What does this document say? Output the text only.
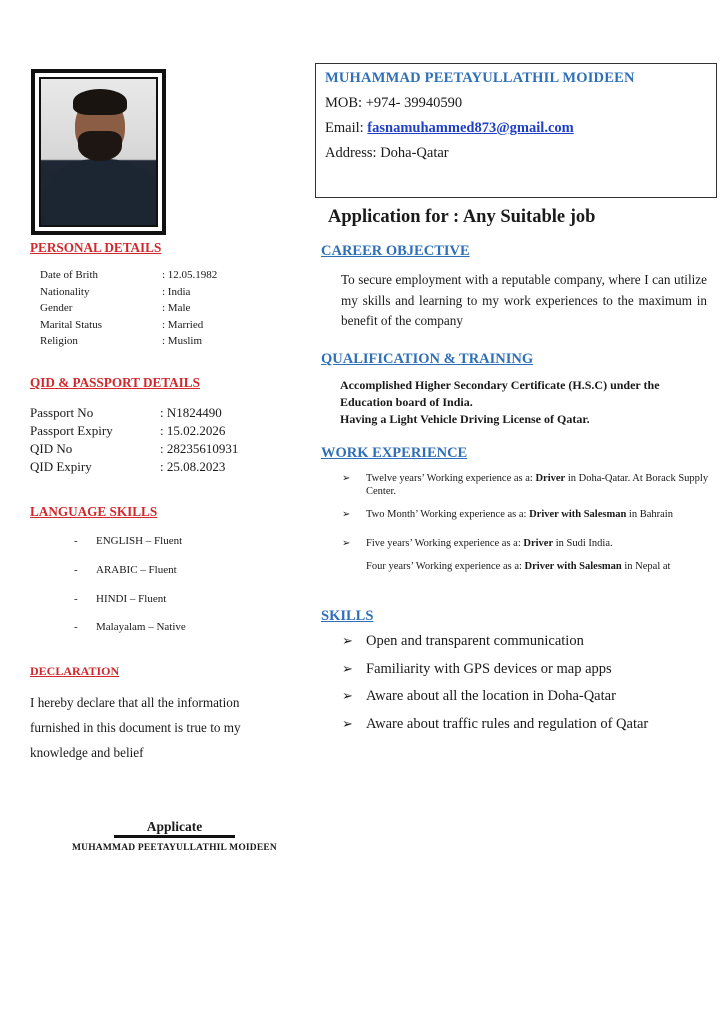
MUHAMMAD PEETAYULLATHIL MOIDEEN
MOB: +974- 39940590
Email: fasnamuhammed873@gmail.com
Address: Doha-Qatar
PERSONAL DETAILS
Date of Brith	: 12.05.1982
Nationality	: India
Gender	: Male
Marital Status	: Married
Religion	: Muslim
QID & PASSPORT DETAILS
Passport No	: N1824490
Passport Expiry	: 15.02.2026
QID No	: 28235610931
QID Expiry	: 25.08.2023
LANGUAGE SKILLS
- ENGLISH – Fluent
- ARABIC – Fluent
- HINDI – Fluent
- Malayalam – Native
DECLARATION
I hereby declare that all the information furnished in this document is true to my knowledge and belief
Applicate
MUHAMMAD PEETAYULLATHIL MOIDEEN
Application for : Any Suitable job
CAREER OBJECTIVE
To secure employment with a reputable company, where I can utilize my skills and learning to my work experiences to the maximum in benefit of the company
QUALIFICATION & TRAINING
Accomplished Higher Secondary Certificate (H.S.C) under the Education board of India.
Having a Light Vehicle Driving License of Qatar.
WORK EXPERIENCE
➢ Twelve years’ Working experience as a: Driver in Doha-Qatar. At Borack Supply Center.
➢ Two Month’ Working experience as a: Driver with Salesman in Bahrain
➢ Five years’ Working experience as a: Driver in Sudi India.
Four years’ Working experience as a: Driver with Salesman in Nepal at
SKILLS
➢ Open and transparent communication
➢ Familiarity with GPS devices or map apps
➢ Aware about all the location in Doha-Qatar
➢ Aware about traffic rules and regulation of Qatar
